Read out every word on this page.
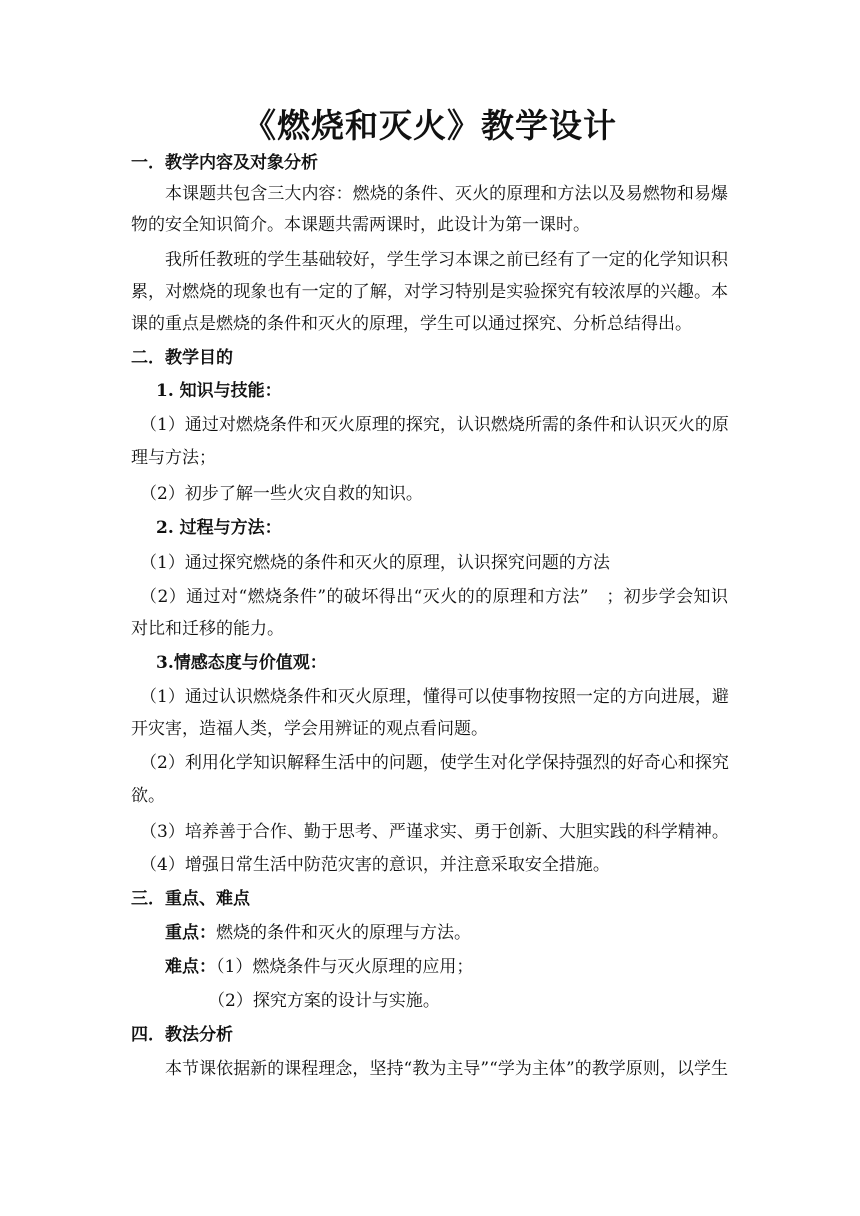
《燃烧和灭火》教学设计
一．教学内容及对象分析
本课题共包含三大内容：燃烧的条件、灭火的原理和方法以及易燃物和易爆
物的安全知识简介。本课题共需两课时，此设计为第一课时。
我所任教班的学生基础较好，学生学习本课之前已经有了一定的化学知识积
累，对燃烧的现象也有一定的了解，对学习特别是实验探究有较浓厚的兴趣。本
课的重点是燃烧的条件和灭火的原理，学生可以通过探究、分析总结得出。
二．教学目的
1. 知识与技能：
（1）通过对燃烧条件和灭火原理的探究，认识燃烧所需的条件和认识灭火的原
理与方法；
（2）初步了解一些火灾自救的知识。
2. 过程与方法：
（1）通过探究燃烧的条件和灭火的原理，认识探究问题的方法
（2）通过对“燃烧条件”的破坏得出“灭火的的原理和方法”　；初步学会知识
对比和迁移的能力。
3.情感态度与价值观：
（1）通过认识燃烧条件和灭火原理，懂得可以使事物按照一定的方向进展，避
开灾害，造福人类，学会用辨证的观点看问题。
（2）利用化学知识解释生活中的问题，使学生对化学保持强烈的好奇心和探究
欲。
（3）培养善于合作、勤于思考、严谨求实、勇于创新、大胆实践的科学精神。
（4）增强日常生活中防范灾害的意识，并注意采取安全措施。
三．重点、难点
重点：燃烧的条件和灭火的原理与方法。
难点：（1）燃烧条件与灭火原理的应用；
（2）探究方案的设计与实施。
四．教法分析
本节课依据新的课程理念，坚持“教为主导”“学为主体”的教学原则，以学生
